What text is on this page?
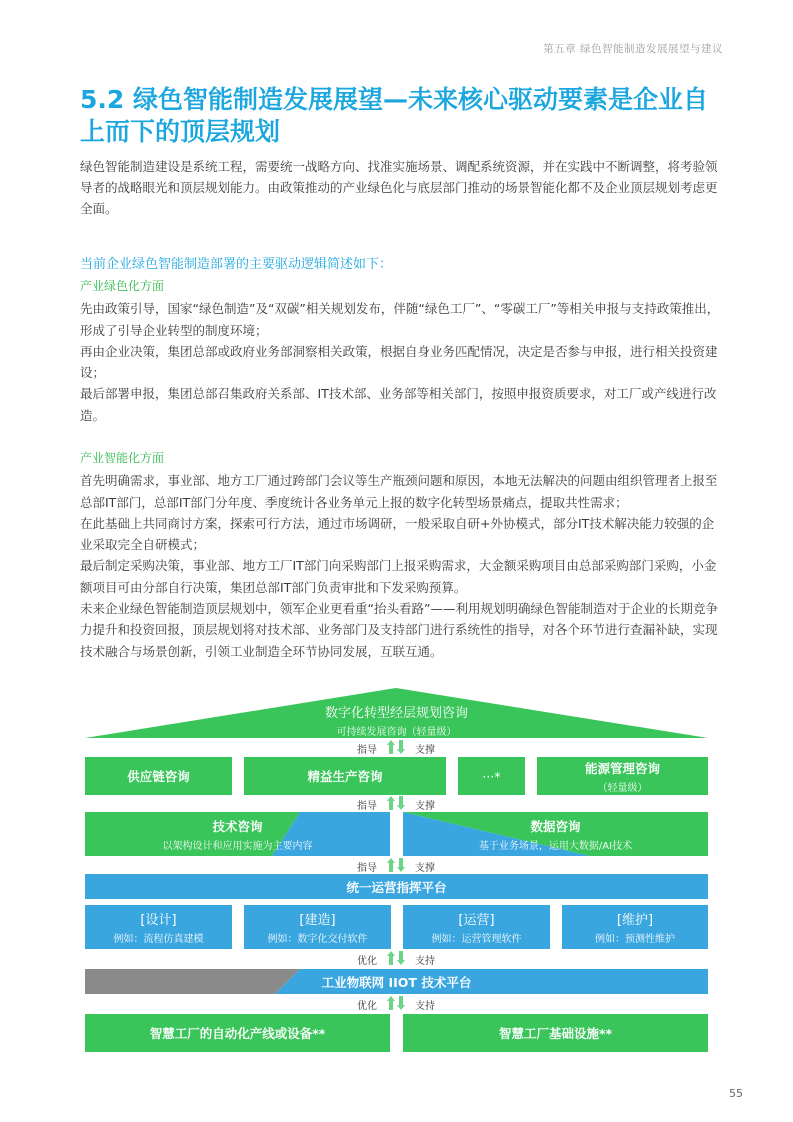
第五章 绿色智能制造发展展望与建议
5.2 绿色智能制造发展展望—未来核心驱动要素是企业自上而下的顶层规划

绿色智能制造建设是系统工程，需要统一战略方向、找准实施场景、调配系统资源，并在实践中不断调整，将考验领导者的战略眼光和顶层规划能力。由政策推动的产业绿色化与底层部门推动的场景智能化都不及企业顶层规划考虑更全面。

当前企业绿色智能制造部署的主要驱动逻辑简述如下：
产业绿色化方面

先由政策引导，国家“绿色制造”及“双碳”相关规划发布，伴随“绿色工厂”、“零碳工厂”等相关申报与支持政策推出，形成了引导企业转型的制度环境；

再由企业决策，集团总部或政府业务部洞察相关政策，根据自身业务匹配情况，决定是否参与申报，进行相关投资建设；

最后部署申报，集团总部召集政府关系部、IT技术部、业务部等相关部门，按照申报资质要求，对工厂或产线进行改造。

产业智能化方面

首先明确需求，事业部、地方工厂通过跨部门会议等生产瓶颈问题和原因，本地无法解决的问题由组织管理者上报至总部IT部门，总部IT部门分年度、季度统计各业务单元上报的数字化转型场景痛点，提取共性需求；

在此基础上共同商讨方案，探索可行方法，通过市场调研，一般采取自研+外协模式，部分IT技术解决能力较强的企业采取完全自研模式；

最后制定采购决策，事业部、地方工厂IT部门向采购部门上报采购需求，大金额采购项目由总部采购部门采购，小金额项目可由分部自行决策，集团总部IT部门负责审批和下发采购预算。

未来企业绿色智能制造顶层规划中，领军企业更看重“抬头看路”——利用规划明确绿色智能制造对于企业的长期竞争力提升和投资回报，顶层规划将对技术部、业务部门及支持部门进行系统性的指导，对各个环节进行查漏补缺，实现技术融合与场景创新，引领工业制造全环节协同发展，互联互通。

数字化转型经层规划咨询
可持续发展咨询（轻量级）
指导	支撑
供应链咨询	精益生产咨询	···*
能源管理咨询
（轻量级）
指导	支撑
技术咨询
以架构设计和应用实施为主要内容
数据咨询
基于业务场景，运用大数据/AI技术
指导	支撑
统一运营指挥平台
[设计]
例如：流程仿真建模
[建造]
例如：数字化交付软件
[运营]
例如：运营管理软件
[维护]
例如：预测性维护
优化	支持
工业物联网 IIOT 技术平台
优化	支持
智慧工厂的自动化产线或设备**	智慧工厂基础设施**
55
